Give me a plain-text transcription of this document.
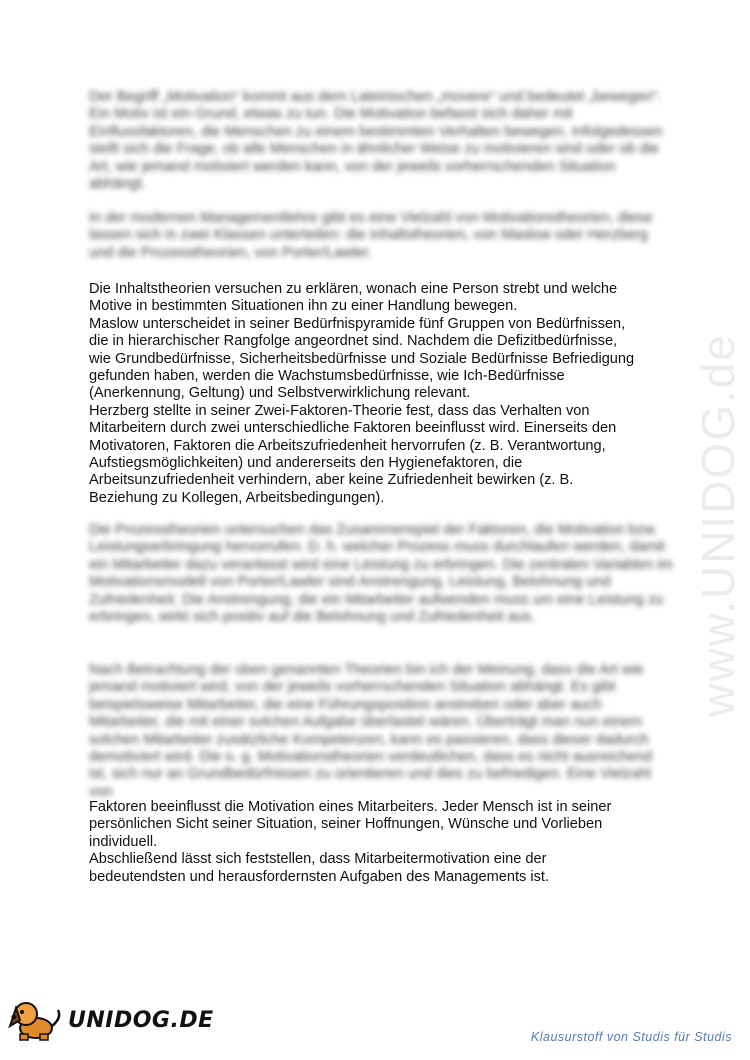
Der Begriff „Motivation“ kommt aus dem Lateinischen „movere“ und bedeutet „bewegen“. Ein Motiv ist ein Grund, etwas zu tun. Die Motivation befasst sich daher mit Einflussfaktoren, die Menschen zu einem bestimmten Verhalten bewegen. Infolgedessen stellt sich die Frage, ob alle Menschen in ähnlicher Weise zu motivieren sind oder ob die Art, wie jemand motiviert werden kann, von der jeweils vorherrschenden Situation abhängt.
In der modernen Managementlehre gibt es eine Vielzahl von Motivationstheorien, diese lassen sich in zwei Klassen unterteilen: die Inhaltstheorien, von Maslow oder Herzberg und die Prozesstheorien, von Porter/Lawler.
Die Inhaltstheorien versuchen zu erklären, wonach eine Person strebt und welche
Motive in bestimmten Situationen ihn zu einer Handlung bewegen.
Maslow unterscheidet in seiner Bedürfnispyramide fünf Gruppen von Bedürfnissen,
die in hierarchischer Rangfolge angeordnet sind. Nachdem die Defizitbedürfnisse,
wie Grundbedürfnisse, Sicherheitsbedürfnisse und Soziale Bedürfnisse Befriedigung
gefunden haben, werden die Wachstumsbedürfnisse, wie Ich-Bedürfnisse
(Anerkennung, Geltung) und Selbstverwirklichung relevant.
Herzberg stellte in seiner Zwei-Faktoren-Theorie fest, dass das Verhalten von
Mitarbeitern durch zwei unterschiedliche Faktoren beeinflusst wird. Einerseits den
Motivatoren, Faktoren die Arbeitszufriedenheit hervorrufen (z. B. Verantwortung,
Aufstiegsmöglichkeiten) und andererseits den Hygienefaktoren, die
Arbeitsunzufriedenheit verhindern, aber keine Zufriedenheit bewirken (z. B.
Beziehung zu Kollegen, Arbeitsbedingungen).
Die Prozesstheorien untersuchen das Zusammenspiel der Faktoren, die Motivation bzw. Leistungserbringung hervorrufen. D. h. welcher Prozess muss durchlaufen werden, damit ein Mitarbeiter dazu veranlasst wird eine Leistung zu erbringen. Die zentralen Variablen im Motivationsmodell von Porter/Lawler sind Anstrengung, Leistung, Belohnung und Zufriedenheit. Die Anstrengung, die ein Mitarbeiter aufwenden muss um eine Leistung zu erbringen, wirkt sich positiv auf die Belohnung und Zufriedenheit aus.
Nach Betrachtung der oben genannten Theorien bin ich der Meinung, dass die Art wie jemand motiviert wird, von der jeweils vorherrschenden Situation abhängt. Es gibt beispielsweise Mitarbeiter, die eine Führungsposition anstreben oder aber auch Mitarbeiter, die mit einer solchen Aufgabe überlastet wären. Überträgt man nun einem solchen Mitarbeiter zusätzliche Kompetenzen, kann es passieren, dass dieser dadurch demotiviert wird. Die o. g. Motivationstheorien verdeutlichen, dass es nicht ausreichend ist, sich nur an Grundbedürfnissen zu orientieren und dies zu befriedigen. Eine Vielzahl von
Faktoren beeinflusst die Motivation eines Mitarbeiters. Jeder Mensch ist in seiner
persönlichen Sicht seiner Situation, seiner Hoffnungen, Wünsche und Vorlieben
individuell.
Abschließend lässt sich feststellen, dass Mitarbeitermotivation eine der
bedeutendsten und herausfordernsten Aufgaben des Managements ist.
www.UNIDOG.de
UNIDOG.DE
Klausurstoff von Studis für Studis
